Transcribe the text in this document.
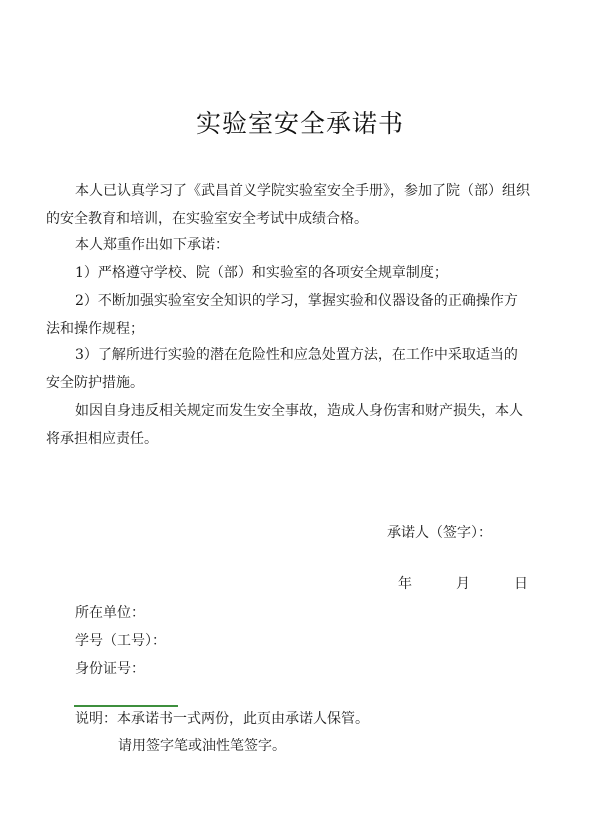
实验室安全承诺书
本人已认真学习了《武昌首义学院实验室安全手册》，参加了院（部）组织
的安全教育和培训，在实验室安全考试中成绩合格。
本人郑重作出如下承诺：
1）严格遵守学校、院（部）和实验室的各项安全规章制度；
2）不断加强实验室安全知识的学习，掌握实验和仪器设备的正确操作方
法和操作规程；
3）了解所进行实验的潜在危险性和应急处置方法，在工作中采取适当的
安全防护措施。
如因自身违反相关规定而发生安全事故，造成人身伤害和财产损失，本人
将承担相应责任。
承诺人（签字）：
年	月	日
所在单位：
学号（工号）：
身份证号：
说明：本承诺书一式两份，此页由承诺人保管。
请用签字笔或油性笔签字。
